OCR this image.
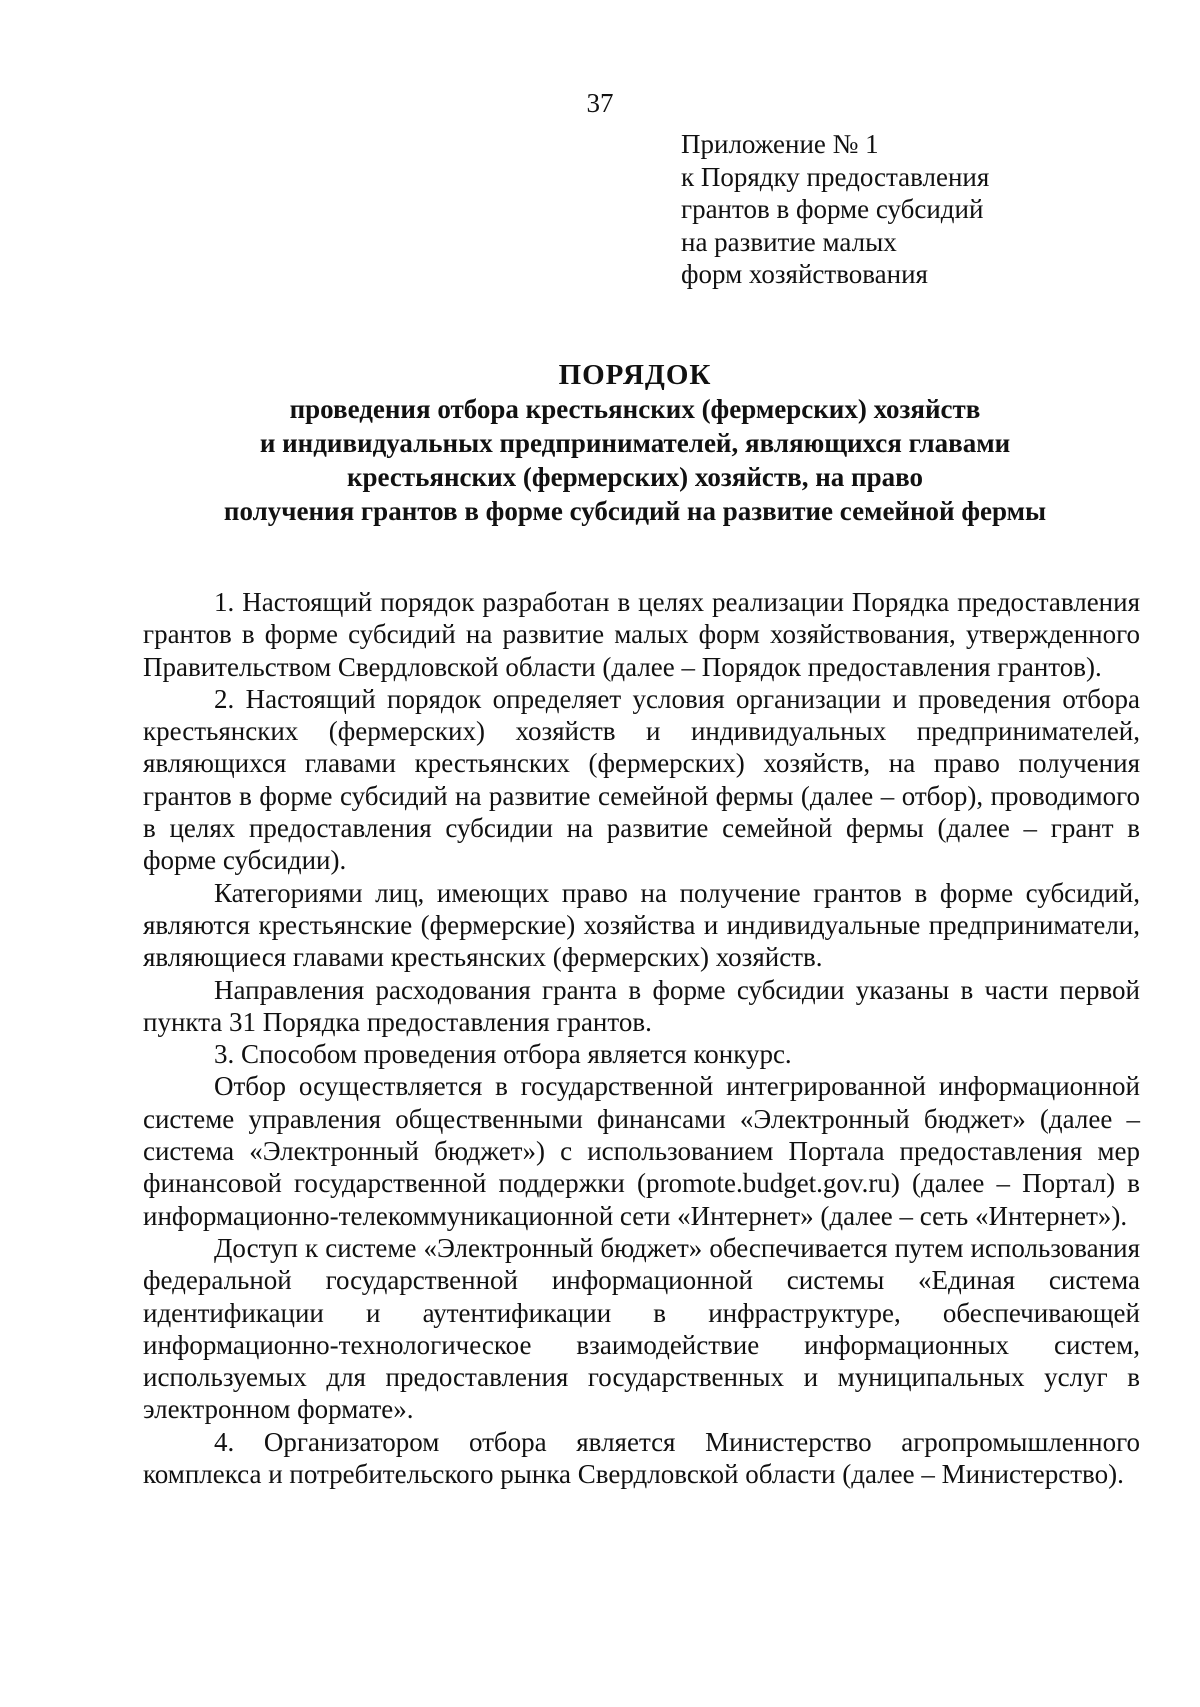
37
Приложение № 1
к Порядку предоставления
грантов в форме субсидий
на развитие малых
форм хозяйствования
ПОРЯДОК
проведения отбора крестьянских (фермерских) хозяйств
и индивидуальных предпринимателей, являющихся главами
крестьянских (фермерских) хозяйств, на право
получения грантов в форме субсидий на развитие семейной фермы

1. Настоящий порядок разработан в целях реализации Порядка предоставления грантов в форме субсидий на развитие малых форм хозяйствования, утвержденного Правительством Свердловской области (далее – Порядок предоставления грантов).

2. Настоящий порядок определяет условия организации и проведения отбора крестьянских (фермерских) хозяйств и индивидуальных предпринимателей, являющихся главами крестьянских (фермерских) хозяйств, на право получения грантов в форме субсидий на развитие семейной фермы (далее – отбор), проводимого в целях предоставления субсидии на развитие семейной фермы (далее – грант в форме субсидии).

Категориями лиц, имеющих право на получение грантов в форме субсидий, являются крестьянские (фермерские) хозяйства и индивидуальные предприниматели, являющиеся главами крестьянских (фермерских) хозяйств.

Направления расходования гранта в форме субсидии указаны в части первой пункта 31 Порядка предоставления грантов.

3. Способом проведения отбора является конкурс.

Отбор осуществляется в государственной интегрированной информационной системе управления общественными финансами «Электронный бюджет» (далее – система «Электронный бюджет») с использованием Портала предоставления мер финансовой государственной поддержки (promote.budget.gov.ru) (далее – Портал) в информационно-телекоммуникационной сети «Интернет» (далее – сеть «Интернет»).

Доступ к системе «Электронный бюджет» обеспечивается путем использования федеральной государственной информационной системы «Единая система идентификации и аутентификации в инфраструктуре, обеспечивающей информационно-технологическое взаимодействие информационных систем, используемых для предоставления государственных и муниципальных услуг в электронном формате».

4. Организатором отбора является Министерство агропромышленного комплекса и потребительского рынка Свердловской области (далее – Министерство).
